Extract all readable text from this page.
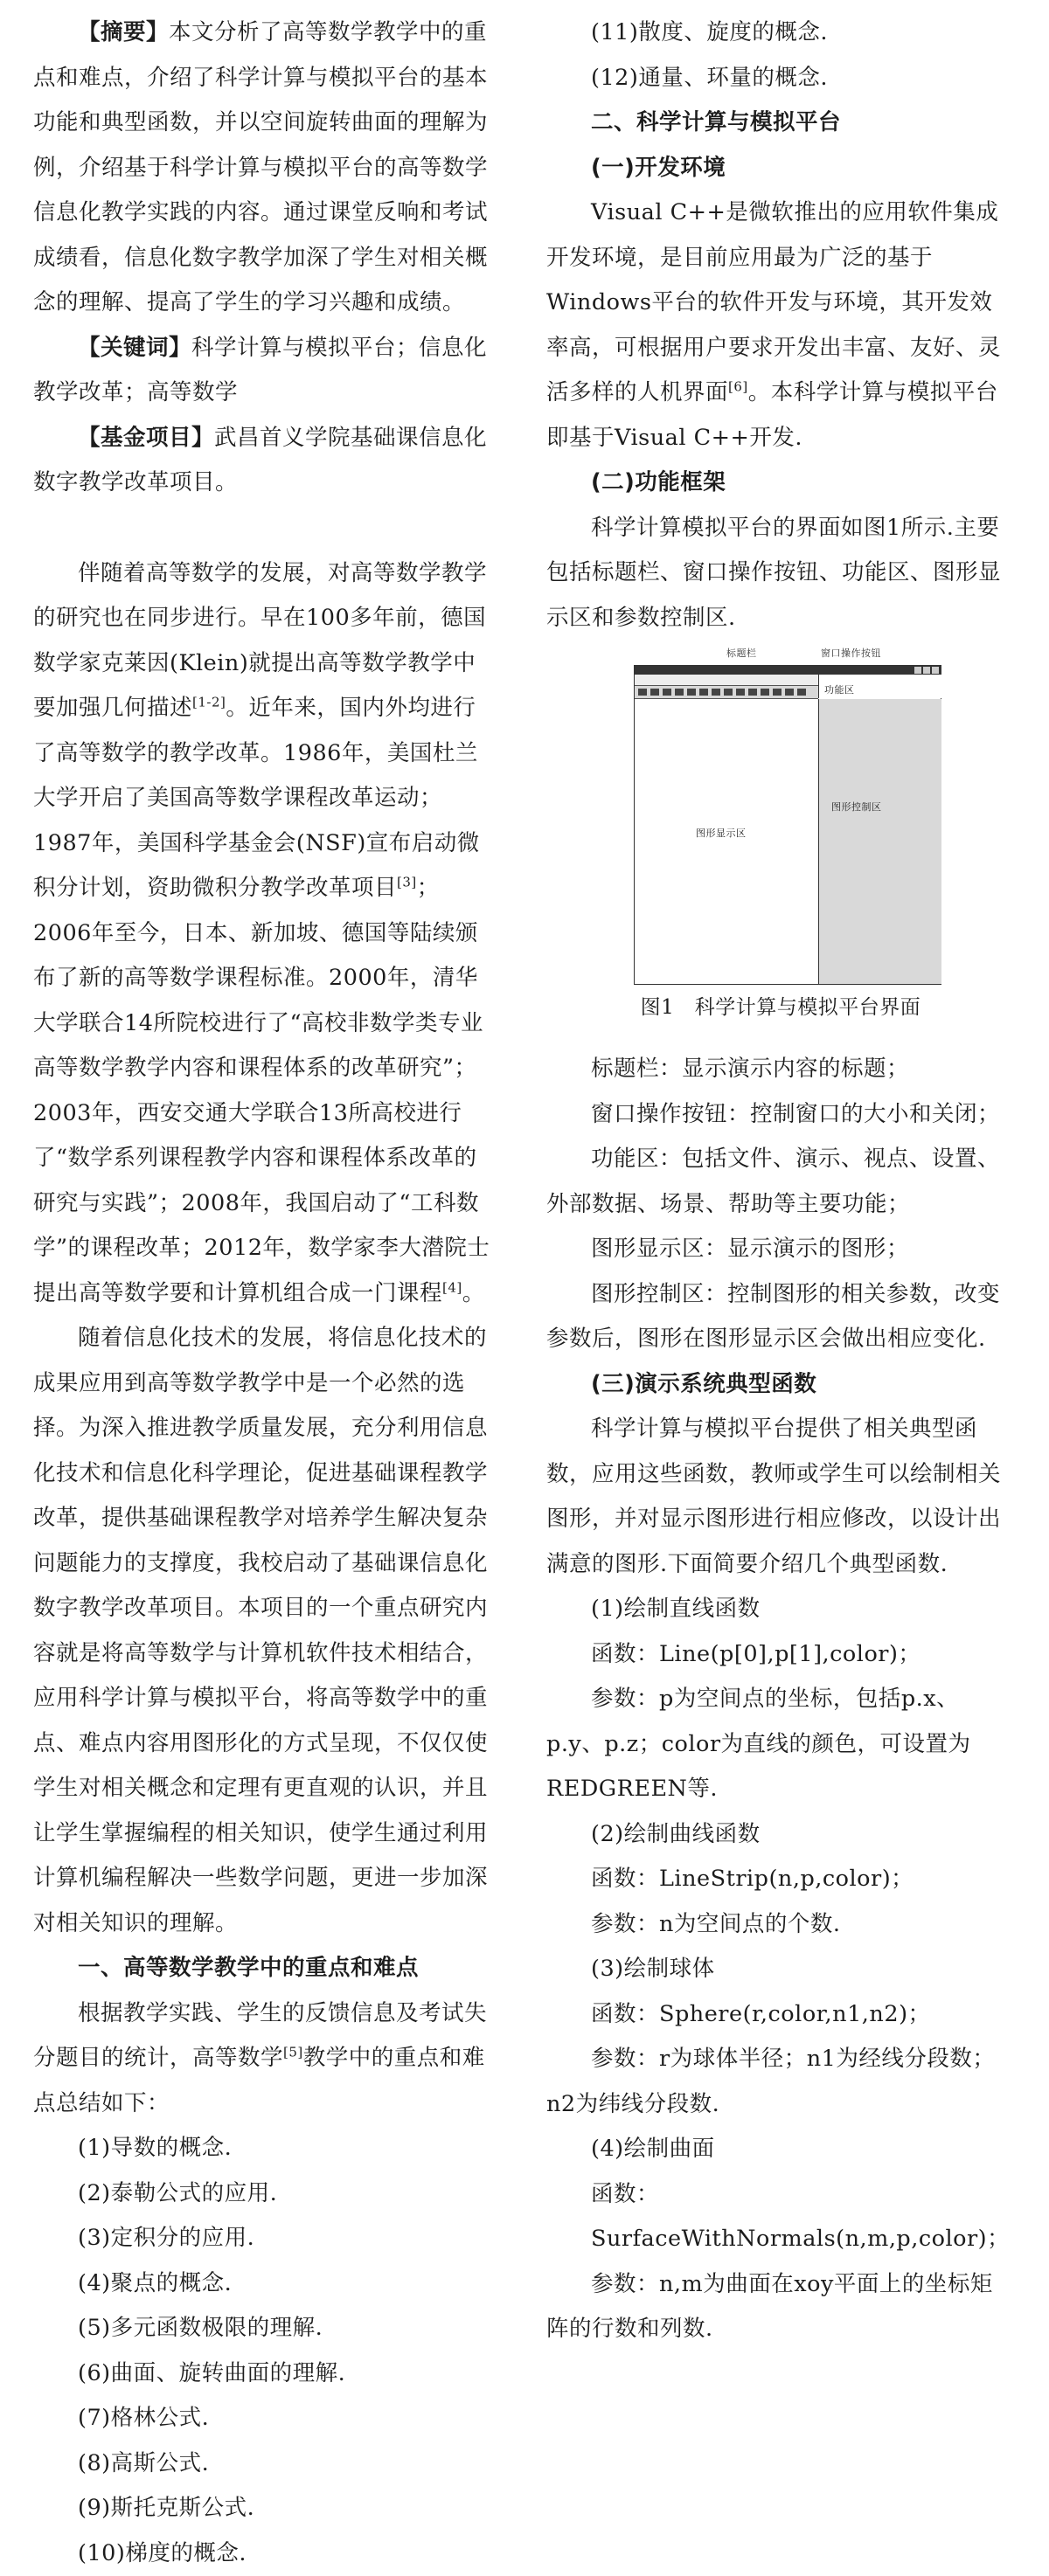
【摘要】本文分析了高等数学教学中的重点和难点，介绍了科学计算与模拟平台的基本功能和典型函数，并以空间旋转曲面的理解为例，介绍基于科学计算与模拟平台的高等数学信息化教学实践的内容。通过课堂反响和考试成绩看，信息化数字教学加深了学生对相关概念的理解、提高了学生的学习兴趣和成绩。

【关键词】科学计算与模拟平台；信息化教学改革；高等数学

【基金项目】武昌首义学院基础课信息化数字教学改革项目。

伴随着高等数学的发展，对高等数学教学的研究也在同步进行。早在100多年前，德国数学家克莱因(Klein)就提出高等数学教学中要加强几何描述[1-2]。近年来，国内外均进行了高等数学的教学改革。1986年，美国杜兰大学开启了美国高等数学课程改革运动；1987年，美国科学基金会(NSF)宣布启动微积分计划，资助微积分教学改革项目[3]；2006年至今，日本、新加坡、德国等陆续颁布了新的高等数学课程标准。2000年，清华大学联合14所院校进行了“高校非数学类专业高等数学教学内容和课程体系的改革研究”；2003年，西安交通大学联合13所高校进行了“数学系列课程教学内容和课程体系改革的研究与实践”；2008年，我国启动了“工科数学”的课程改革；2012年，数学家李大潜院士提出高等数学要和计算机组合成一门课程[4]。

随着信息化技术的发展，将信息化技术的成果应用到高等数学教学中是一个必然的选择。为深入推进教学质量发展，充分利用信息化技术和信息化科学理论，促进基础课程教学改革，提供基础课程教学对培养学生解决复杂问题能力的支撑度，我校启动了基础课信息化数字教学改革项目。本项目的一个重点研究内容就是将高等数学与计算机软件技术相结合，应用科学计算与模拟平台，将高等数学中的重点、难点内容用图形化的方式呈现，不仅仅使学生对相关概念和定理有更直观的认识，并且让学生掌握编程的相关知识，使学生通过利用计算机编程解决一些数学问题，更进一步加深对相关知识的理解。

一、高等数学教学中的重点和难点

根据教学实践、学生的反馈信息及考试失分题目的统计，高等数学[5]教学中的重点和难点总结如下：

(1)导数的概念.

(2)泰勒公式的应用.

(3)定积分的应用.

(4)聚点的概念.

(5)多元函数极限的理解.

(6)曲面、旋转曲面的理解.

(7)格林公式.

(8)高斯公式.

(9)斯托克斯公式.

(10)梯度的概念.

(11)散度、旋度的概念.

(12)通量、环量的概念.

二、科学计算与模拟平台

(一)开发环境

Visual C++是微软推出的应用软件集成开发环境，是目前应用最为广泛的基于Windows平台的软件开发与环境，其开发效率高，可根据用户要求开发出丰富、友好、灵活多样的人机界面[6]。本科学计算与模拟平台即基于Visual C++开发.

(二)功能框架

科学计算模拟平台的界面如图1所示.主要包括标题栏、窗口操作按钮、功能区、图形显示区和参数控制区.

标题栏	窗口操作按钮
功能区
图形显示区
图形控制区
图1　科学计算与模拟平台界面

标题栏：显示演示内容的标题；

窗口操作按钮：控制窗口的大小和关闭；

功能区：包括文件、演示、视点、设置、外部数据、场景、帮助等主要功能；

图形显示区：显示演示的图形；

图形控制区：控制图形的相关参数，改变参数后，图形在图形显示区会做出相应变化.

(三)演示系统典型函数

科学计算与模拟平台提供了相关典型函数，应用这些函数，教师或学生可以绘制相关图形，并对显示图形进行相应修改，以设计出满意的图形.下面简要介绍几个典型函数.

(1)绘制直线函数

函数：Line(p[0],p[1],color)；

参数：p为空间点的坐标，包括p.x、p.y、p.z；color为直线的颜色，可设置为REDGREEN等.

(2)绘制曲线函数

函数：LineStrip(n,p,color)；

参数：n为空间点的个数.

(3)绘制球体

函数：Sphere(r,color,n1,n2)；

参数：r为球体半径；n1为经线分段数；n2为纬线分段数.

(4)绘制曲面

函数：SurfaceWithNormals(n,m,p,color)；

参数：n,m为曲面在xoy平面上的坐标矩阵的行数和列数.
